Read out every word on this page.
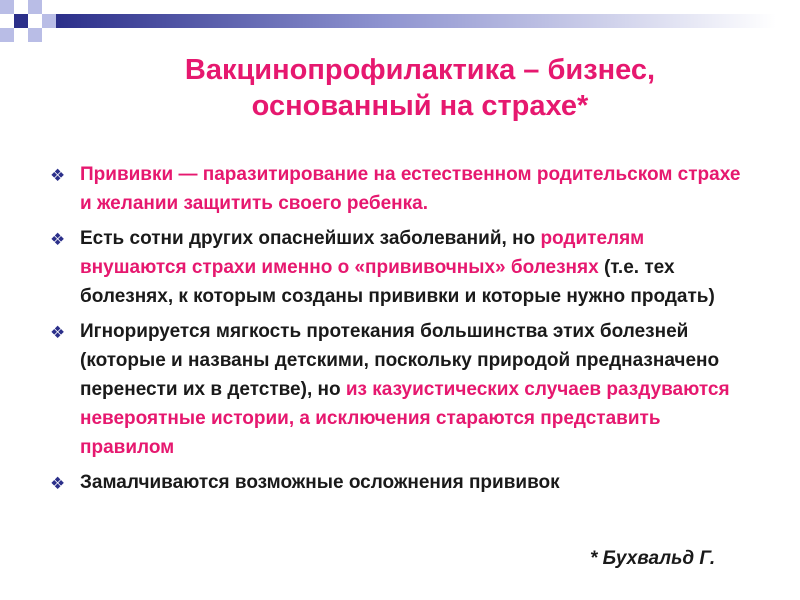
Вакцинопрофилактика – бизнес, основанный на страхе*
❖ Прививки — паразитирование на естественном родительском страхе и желании защитить своего ребенка.
❖ Есть сотни других опаснейших заболеваний, но родителям внушаются страхи именно о «прививочных» болезнях (т.е. тех болезнях, к которым созданы прививки и которые нужно продать)
❖ Игнорируется мягкость протекания большинства этих болезней (которые и названы детскими, поскольку природой предназначено перенести их в детстве), но из казуистических случаев раздуваются невероятные истории, а исключения стараются представить правилом
❖ Замалчиваются возможные осложнения прививок
* Бухвальд Г.
